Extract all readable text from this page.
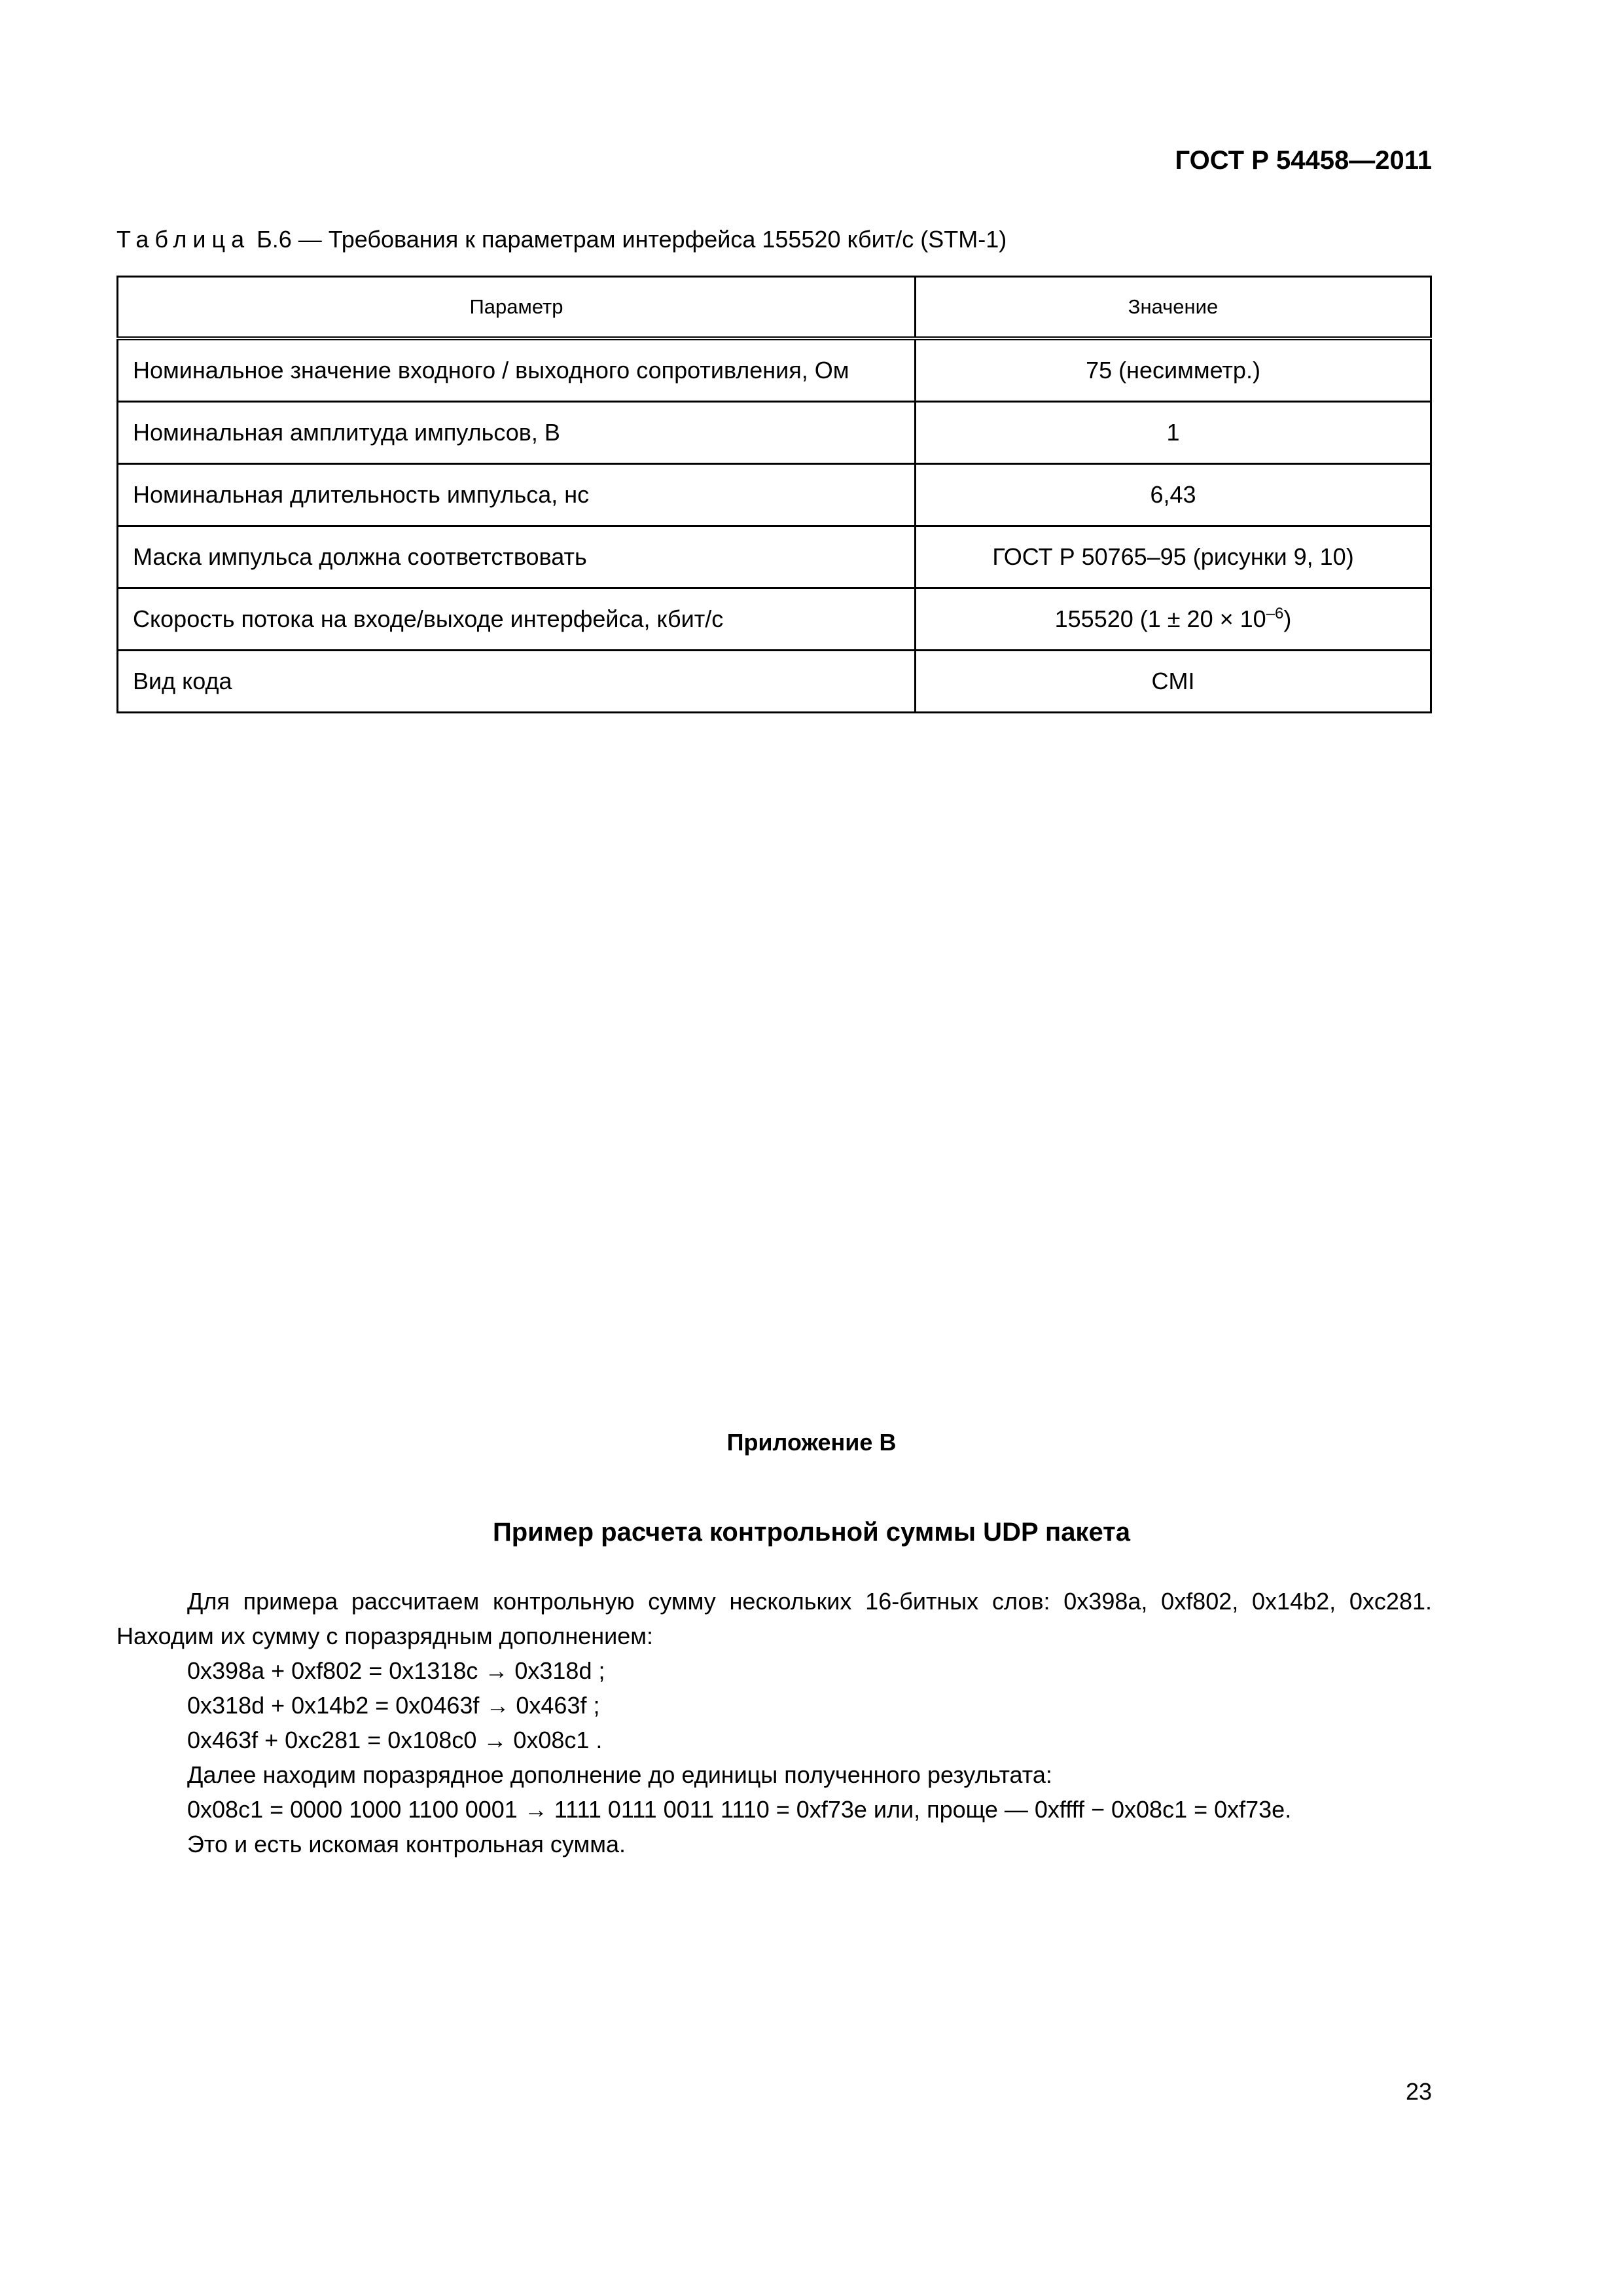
ГОСТ Р 54458—2011
Таблица Б.6 — Требования к параметрам интерфейса 155520 кбит/с (STM-1)
Параметр	Значение
Номинальное значение входного / выходного сопротивления, Ом	75 (несимметр.)
Номинальная амплитуда импульсов, В	1
Номинальная длительность импульса, нс	6,43
Маска импульса должна соответствовать	ГОСТ Р 50765–95 (рисунки 9, 10)
Скорость потока на входе/выходе интерфейса, кбит/с	155520 $(1 \pm 20 \times 10^{-6})$
Вид кода	CMI
Приложение В
Пример расчета контрольной суммы UDP пакета

Для примера рассчитаем контрольную сумму нескольких 16-битных слов: 0x398a, 0xf802, 0x14b2, 0xc281. Находим их сумму с поразрядным дополнением:

0x398a + 0xf802 = 0x1318c → 0x318d ;

0x318d + 0x14b2 = 0x0463f → 0x463f ;

0x463f + 0xc281 = 0x108c0 → 0x08c1 .

Далее находим поразрядное дополнение до единицы полученного результата:

0x08c1 = 0000 1000 1100 0001 → 1111 0111 0011 1110 = 0xf73e или, проще — 0xffff − 0x08c1 = 0xf73e.

Это и есть искомая контрольная сумма.

23
